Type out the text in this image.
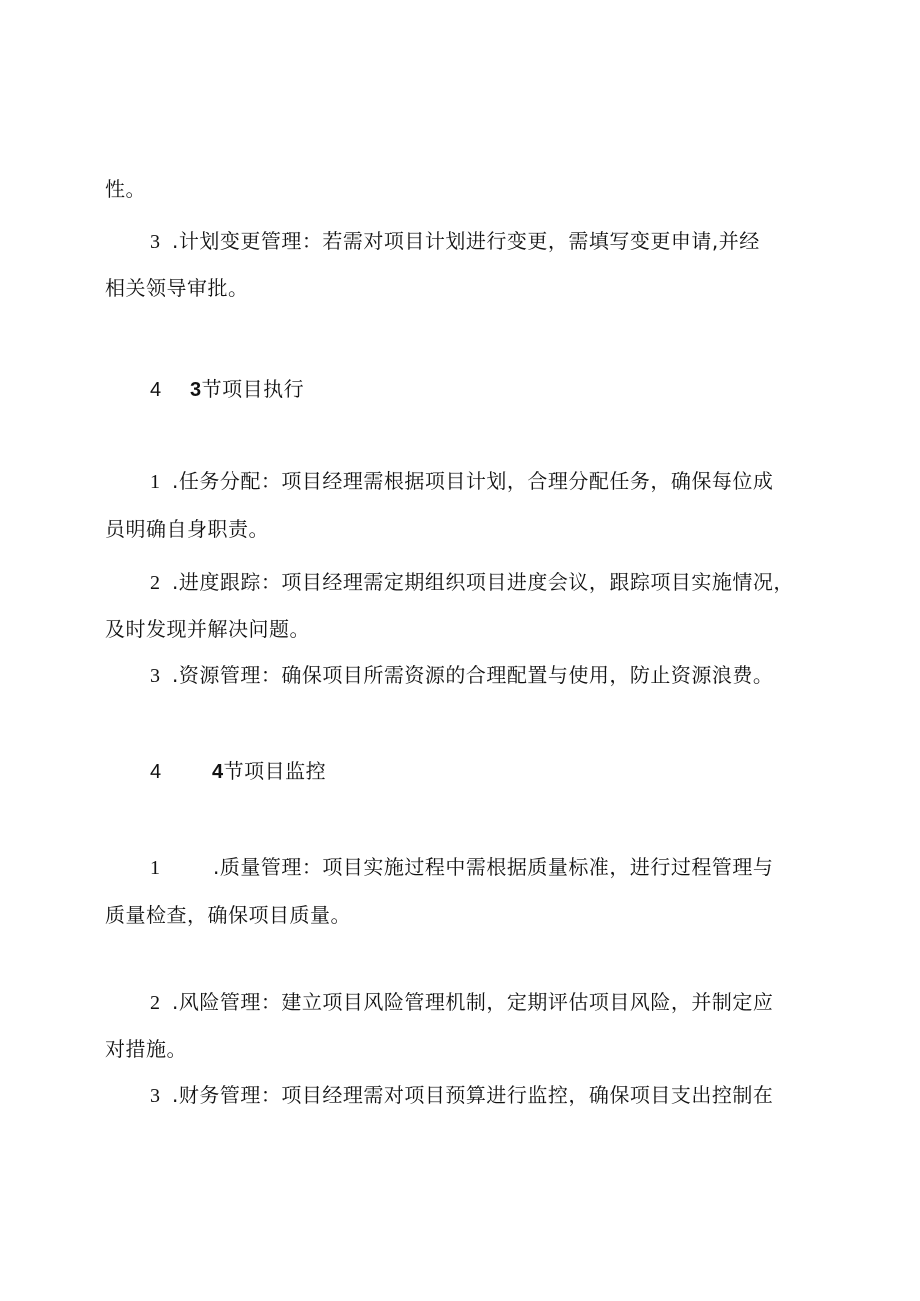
性。
3 .计划变更管理：若需对项目计划进行变更，需填写变更申请,并经
相关领导审批。
4 3节项目执行
1 .任务分配：项目经理需根据项目计划，合理分配任务，确保每位成
员明确自身职责。
2 .进度跟踪：项目经理需定期组织项目进度会议，跟踪项目实施情况，
及时发现并解决问题。
3 .资源管理：确保项目所需资源的合理配置与使用，防止资源浪费。
4	4节项目监控
1	.质量管理：项目实施过程中需根据质量标准，进行过程管理与
质量检查，确保项目质量。
2 .风险管理：建立项目风险管理机制，定期评估项目风险，并制定应
对措施。
3 .财务管理：项目经理需对项目预算进行监控，确保项目支出控制在
